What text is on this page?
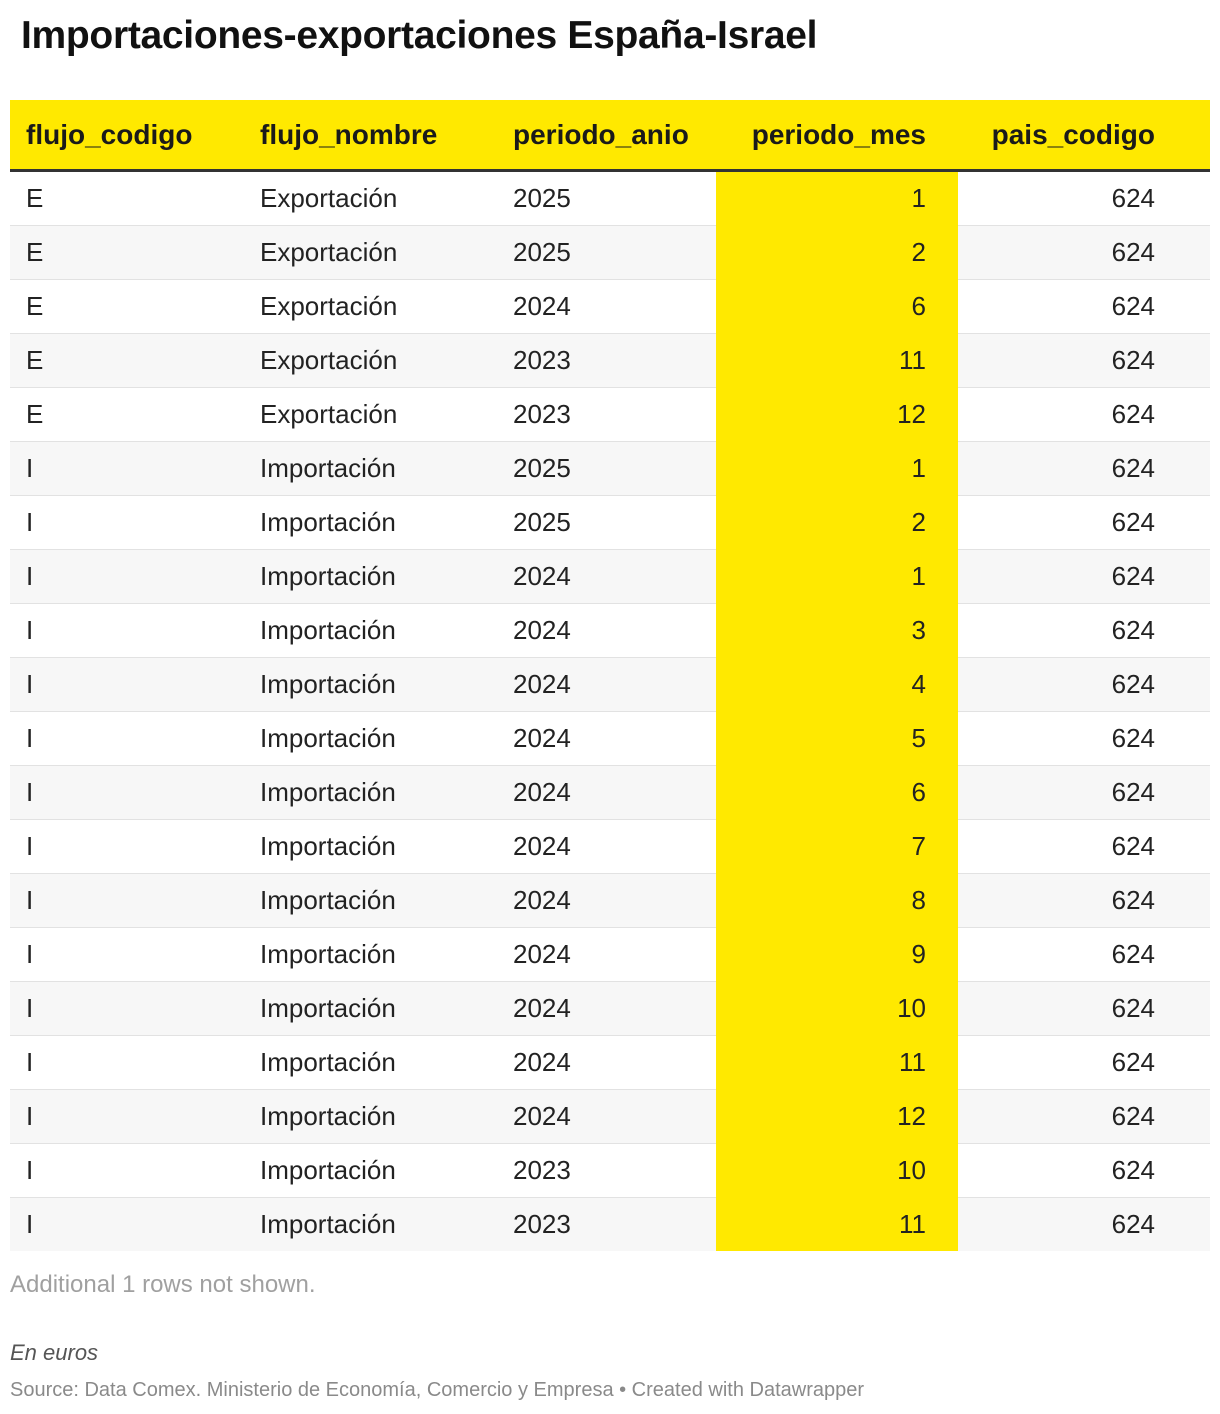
Importaciones-exportaciones España-Israel
flujo_codigo	flujo_nombre	periodo_anio	periodo_mes	pais_codigo
E	Exportación	2025	1	624
E	Exportación	2025	2	624
E	Exportación	2024	6	624
E	Exportación	2023	11	624
E	Exportación	2023	12	624
I	Importación	2025	1	624
I	Importación	2025	2	624
I	Importación	2024	1	624
I	Importación	2024	3	624
I	Importación	2024	4	624
I	Importación	2024	5	624
I	Importación	2024	6	624
I	Importación	2024	7	624
I	Importación	2024	8	624
I	Importación	2024	9	624
I	Importación	2024	10	624
I	Importación	2024	11	624
I	Importación	2024	12	624
I	Importación	2023	10	624
I	Importación	2023	11	624
Additional 1 rows not shown.
En euros
Source: Data Comex. Ministerio de Economía, Comercio y Empresa • Created with Datawrapper
